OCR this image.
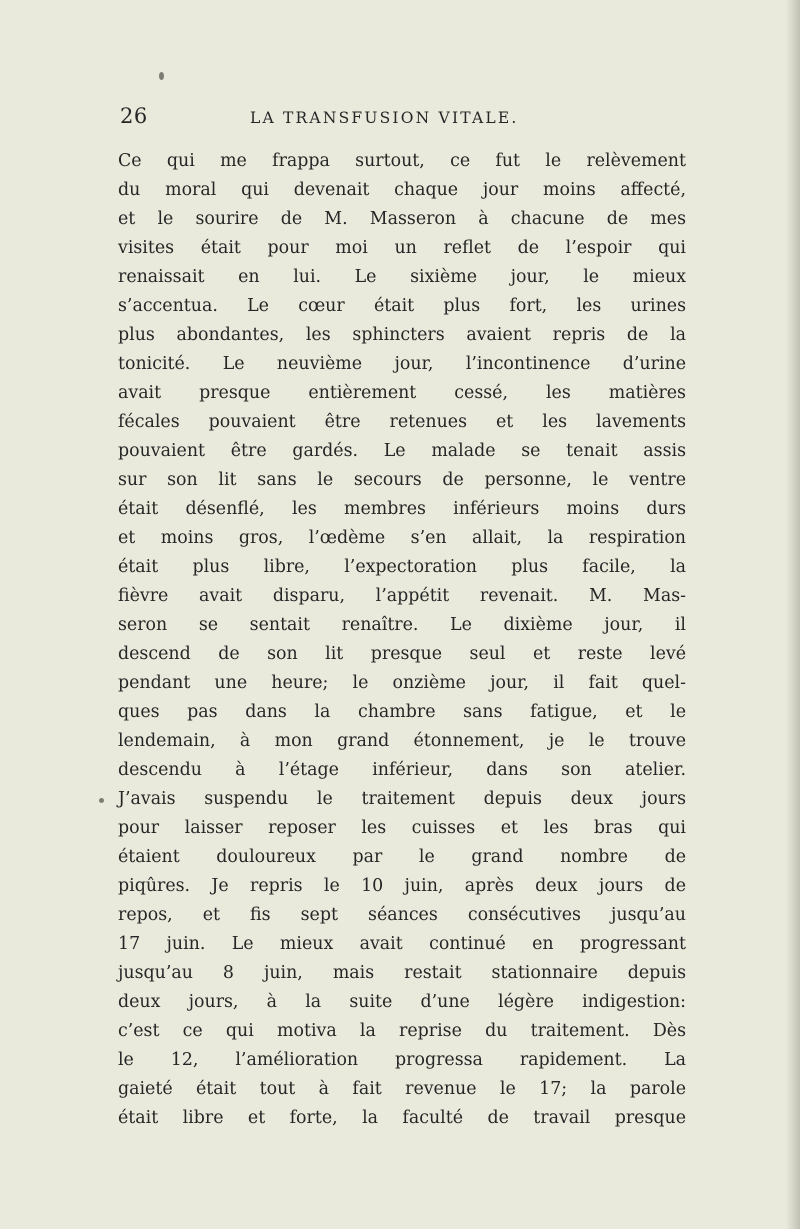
26	LA TRANSFUSION VITALE.
Ce qui me frappa surtout, ce fut le relèvement
du moral qui devenait chaque jour moins affecté,
et le sourire de M. Masseron à chacune de mes
visites était pour moi un reflet de l’espoir qui
renaissait en lui. Le sixième jour, le mieux
s’accentua. Le cœur était plus fort, les urines
plus abondantes, les sphincters avaient repris de la
tonicité. Le neuvième jour, l’incontinence d’urine
avait presque entièrement cessé, les matières
fécales pouvaient être retenues et les lavements
pouvaient être gardés. Le malade se tenait assis
sur son lit sans le secours de personne, le ventre
était désenflé, les membres inférieurs moins durs
et moins gros, l’œdème s’en allait, la respiration
était plus libre, l’expectoration plus facile, la
fièvre avait disparu, l’appétit revenait. M. Mas-
seron se sentait renaître. Le dixième jour, il
descend de son lit presque seul et reste levé
pendant une heure; le onzième jour, il fait quel-
ques pas dans la chambre sans fatigue, et le
lendemain, à mon grand étonnement, je le trouve
descendu à l’étage inférieur, dans son atelier.
J’avais suspendu le traitement depuis deux jours
pour laisser reposer les cuisses et les bras qui
étaient douloureux par le grand nombre de
piqûres. Je repris le 10 juin, après deux jours de
repos, et fis sept séances consécutives jusqu’au
17 juin. Le mieux avait continué en progressant
jusqu’au 8 juin, mais restait stationnaire depuis
deux jours, à la suite d’une légère indigestion:
c’est ce qui motiva la reprise du traitement. Dès
le 12, l’amélioration progressa rapidement. La
gaieté était tout à fait revenue le 17; la parole
était libre et forte, la faculté de travail presque
